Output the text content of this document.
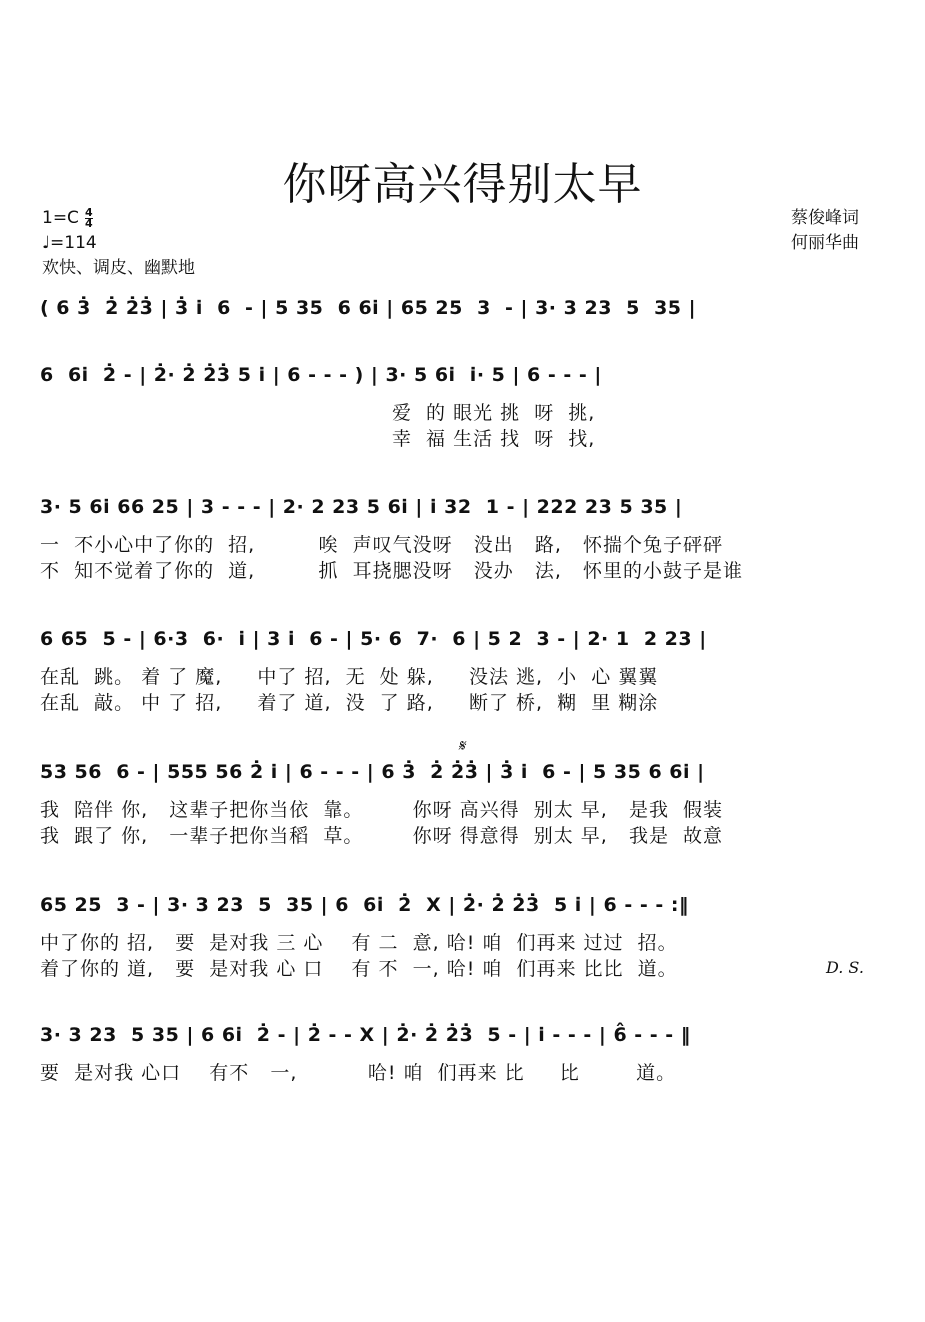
你呀高兴得别太早
$1=C \frac{4}{4}$
♩=114
欢快、调皮、幽默地
蔡俊峰词
何丽华曲
( 6 3̇  2̇ 2̇3̇ | 3̇ i̇  6  - | 5 35  6 6i̇ | 65 25  3  - | 3· 3 23  5  35 |
6  6i̇  2̇ - | 2̇· 2̇ 2̇3̇ 5 i̇ | 6 - - - ) | 3· 5 6i̇  i̇· 5 | 6 - - - |
爱  的 眼光 挑  呀  挑,
幸  福 生活 找  呀  找,
3· 5 6i̇ 66 25 | 3 - - - | 2· 2 23 5 6i̇ | i̇ 32  1 - | 222 23 5 35 |
一  不小心中了你的  招,         唉  声叹气没呀   没出   路,   怀揣个兔子砰砰
不  知不觉着了你的  道,         抓  耳挠腮没呀   没办   法,   怀里的小鼓子是谁
6 65  5 - | 6·3  6·  i̇ | 3 i̇  6 - | 5· 6  7·  6 | 5 2  3 - | 2· 1  2 23 |
在乱  跳。 着 了 魔,     中了 招,  无  处 躲,     没法 逃,  小  心 翼翼
在乱  敲。 中 了 招,     着了 道,  没  了 路,     断了 桥,  糊  里 糊涂
𝄋
53 56  6 - | 555 56 2̇ i̇ | 6 - - - | 6 3̇  2̇ 2̇3̇ | 3̇ i̇  6 - | 5 35 6 6i̇ |
我  陪伴 你,   这辈子把你当依  靠。       你呀 高兴得  别太 早,   是我  假装
我  跟了 你,   一辈子把你当稻  草。       你呀 得意得  别太 早,   我是  故意
65 25  3 - | 3· 3 23  5  35 | 6  6i̇  2̇  X | 2̇· 2̇ 2̇3̇  5 i̇ | 6 - - - :‖
中了你的 招,   要  是对我 三 心    有 二  意, 哈! 咱  们再来 过过  招。
着了你的 道,   要  是对我 心 口    有 不  一, 哈! 咱  们再来 比比  道。	D. S.
3· 3 23  5 35 | 6 6i̇  2̇ - | 2̇ - - X | 2̇· 2̇ 2̇3̇  5 - | i̇ - - - | 6̂ - - - ‖
要  是对我 心口    有不   一,          哈! 咱  们再来 比     比        道。
